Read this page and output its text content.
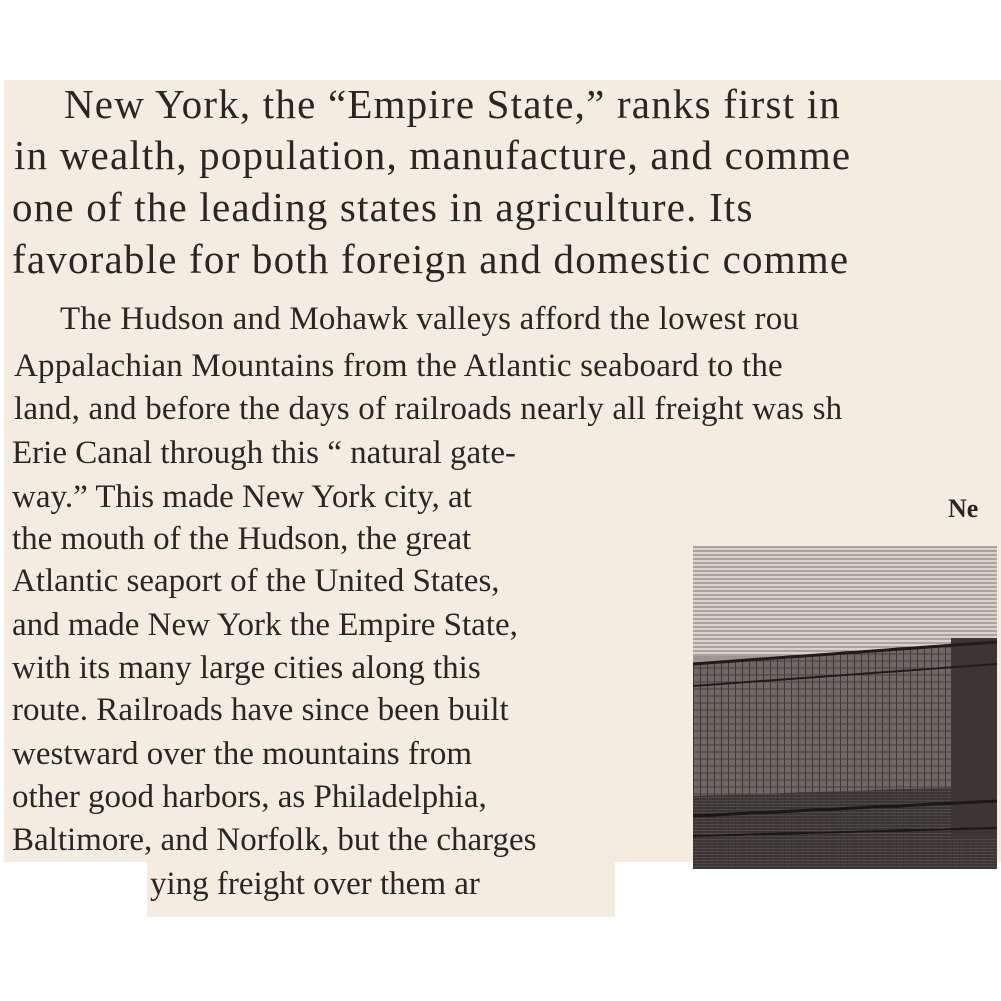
New York, the “Empire State,” ranks first in
in wealth, population, manufacture, and comme
one of the leading states in agriculture. Its
favorable for both foreign and domestic comme
The Hudson and Mohawk valleys afford the lowest rou
Appalachian Mountains from the Atlantic seaboard to the
land, and before the days of railroads nearly all freight was sh
Erie Canal through this “ natural gate-
way.” This made New York city, at
the mouth of the Hudson, the great
Atlantic seaport of the United States,
and made New York the Empire State,
with its many large cities along this
route. Railroads have since been built
westward over the mountains from
other good harbors, as Philadelphia,
Baltimore, and Norfolk, but the charges
ying freight over them ar
Ne
